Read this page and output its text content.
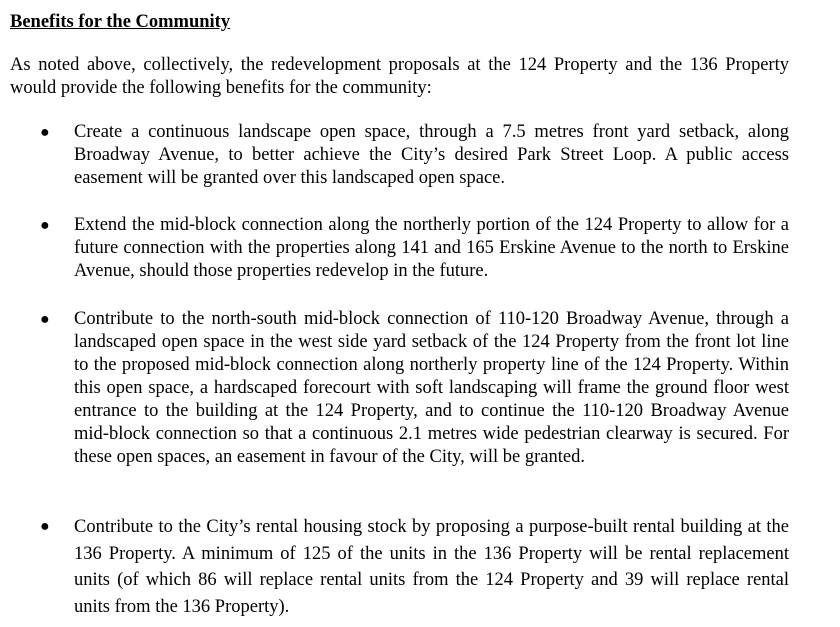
Benefits for the Community
As noted above, collectively, the redevelopment proposals at the 124 Property and the 136 Property would provide the following benefits for the community:
●	Create a continuous landscape open space, through a 7.5 metres front yard setback, along Broadway Avenue, to better achieve the City’s desired Park Street Loop. A public access easement will be granted over this landscaped open space.
●	Extend the mid-block connection along the northerly portion of the 124 Property to allow for a future connection with the properties along 141 and 165 Erskine Avenue to the north to Erskine Avenue, should those properties redevelop in the future.
●	Contribute to the north-south mid-block connection of 110-120 Broadway Avenue, through a landscaped open space in the west side yard setback of the 124 Property from the front lot line to the proposed mid-block connection along northerly property line of the 124 Property. Within this open space, a hardscaped forecourt with soft landscaping will frame the ground floor west entrance to the building at the 124 Property, and to continue the 110-120 Broadway Avenue mid-block connection so that a continuous 2.1 metres wide pedestrian clearway is secured. For these open spaces, an easement in favour of the City, will be granted.
●	Contribute to the City’s rental housing stock by proposing a purpose-built rental building at the 136 Property. A minimum of 125 of the units in the 136 Property will be rental replacement units (of which 86 will replace rental units from the 124 Property and 39 will replace rental units from the 136 Property).
